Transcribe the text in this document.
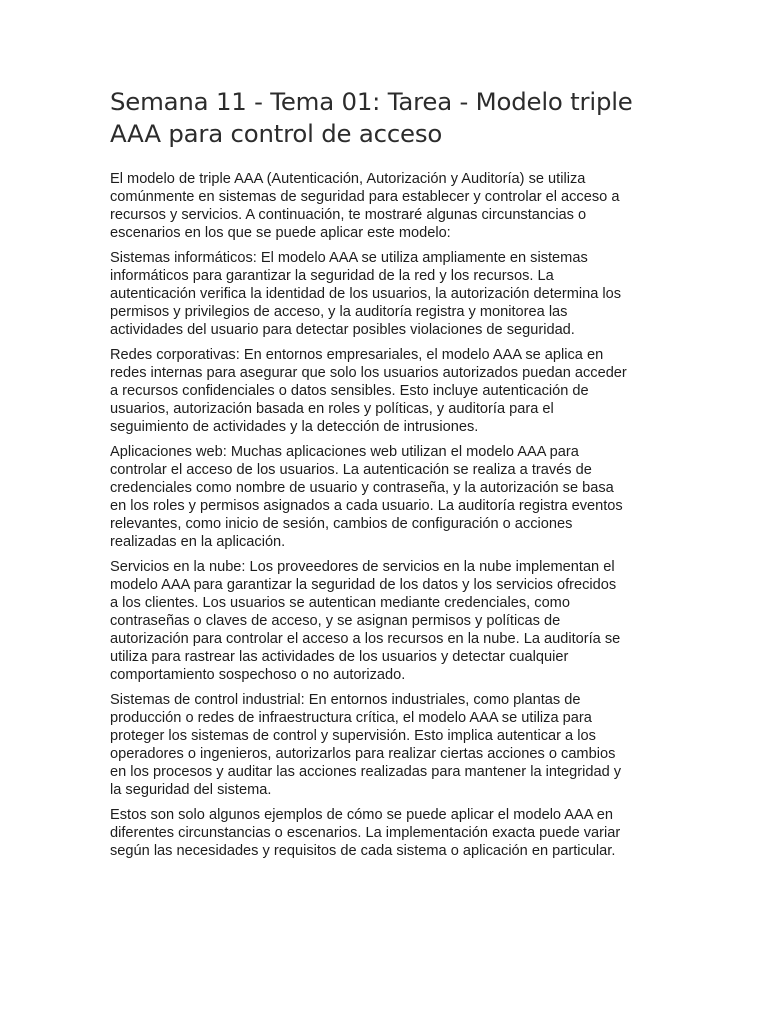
Semana 11 - Tema 01: Tarea - Modelo triple
AAA para control de acceso

El modelo de triple AAA (Autenticación, Autorización y Auditoría) se utiliza
comúnmente en sistemas de seguridad para establecer y controlar el acceso a
recursos y servicios. A continuación, te mostraré algunas circunstancias o
escenarios en los que se puede aplicar este modelo:

Sistemas informáticos: El modelo AAA se utiliza ampliamente en sistemas
informáticos para garantizar la seguridad de la red y los recursos. La
autenticación verifica la identidad de los usuarios, la autorización determina los
permisos y privilegios de acceso, y la auditoría registra y monitorea las
actividades del usuario para detectar posibles violaciones de seguridad.

Redes corporativas: En entornos empresariales, el modelo AAA se aplica en
redes internas para asegurar que solo los usuarios autorizados puedan acceder
a recursos confidenciales o datos sensibles. Esto incluye autenticación de
usuarios, autorización basada en roles y políticas, y auditoría para el
seguimiento de actividades y la detección de intrusiones.

Aplicaciones web: Muchas aplicaciones web utilizan el modelo AAA para
controlar el acceso de los usuarios. La autenticación se realiza a través de
credenciales como nombre de usuario y contraseña, y la autorización se basa
en los roles y permisos asignados a cada usuario. La auditoría registra eventos
relevantes, como inicio de sesión, cambios de configuración o acciones
realizadas en la aplicación.

Servicios en la nube: Los proveedores de servicios en la nube implementan el
modelo AAA para garantizar la seguridad de los datos y los servicios ofrecidos
a los clientes. Los usuarios se autentican mediante credenciales, como
contraseñas o claves de acceso, y se asignan permisos y políticas de
autorización para controlar el acceso a los recursos en la nube. La auditoría se
utiliza para rastrear las actividades de los usuarios y detectar cualquier
comportamiento sospechoso o no autorizado.

Sistemas de control industrial: En entornos industriales, como plantas de
producción o redes de infraestructura crítica, el modelo AAA se utiliza para
proteger los sistemas de control y supervisión. Esto implica autenticar a los
operadores o ingenieros, autorizarlos para realizar ciertas acciones o cambios
en los procesos y auditar las acciones realizadas para mantener la integridad y
la seguridad del sistema.

Estos son solo algunos ejemplos de cómo se puede aplicar el modelo AAA en
diferentes circunstancias o escenarios. La implementación exacta puede variar
según las necesidades y requisitos de cada sistema o aplicación en particular.
